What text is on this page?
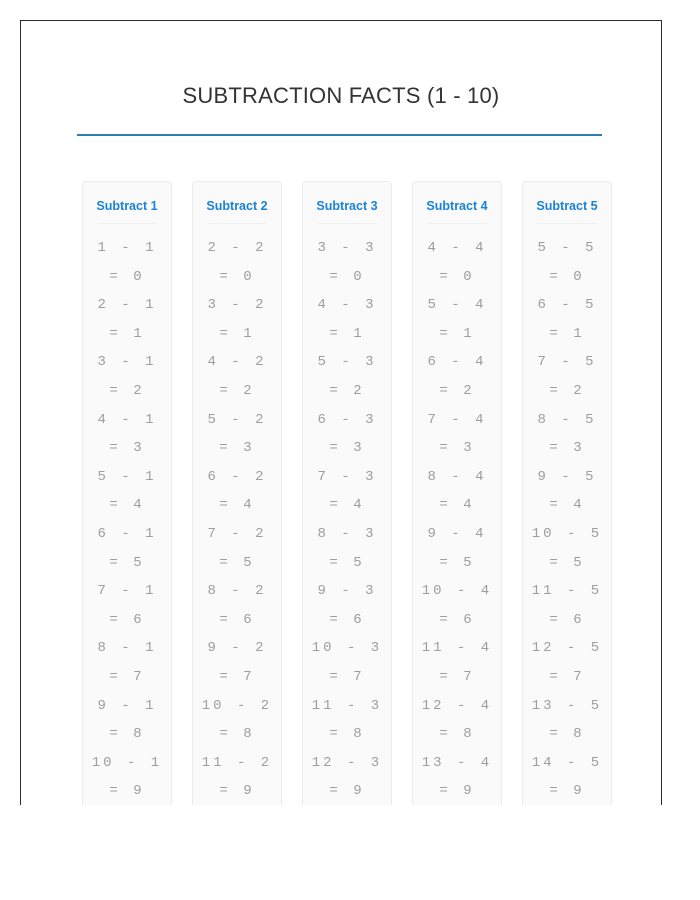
SUBTRACTION FACTS (1 - 10)
Subtract 1
1 - 1 = 0
2 - 1 = 1
3 - 1 = 2
4 - 1 = 3
5 - 1 = 4
6 - 1 = 5
7 - 1 = 6
8 - 1 = 7
9 - 1 = 8
10 - 1 = 9
Subtract 2
2 - 2 = 0
3 - 2 = 1
4 - 2 = 2
5 - 2 = 3
6 - 2 = 4
7 - 2 = 5
8 - 2 = 6
9 - 2 = 7
10 - 2 = 8
11 - 2 = 9
Subtract 3
3 - 3 = 0
4 - 3 = 1
5 - 3 = 2
6 - 3 = 3
7 - 3 = 4
8 - 3 = 5
9 - 3 = 6
10 - 3 = 7
11 - 3 = 8
12 - 3 = 9
Subtract 4
4 - 4 = 0
5 - 4 = 1
6 - 4 = 2
7 - 4 = 3
8 - 4 = 4
9 - 4 = 5
10 - 4 = 6
11 - 4 = 7
12 - 4 = 8
13 - 4 = 9
Subtract 5
5 - 5 = 0
6 - 5 = 1
7 - 5 = 2
8 - 5 = 3
9 - 5 = 4
10 - 5 = 5
11 - 5 = 6
12 - 5 = 7
13 - 5 = 8
14 - 5 = 9
